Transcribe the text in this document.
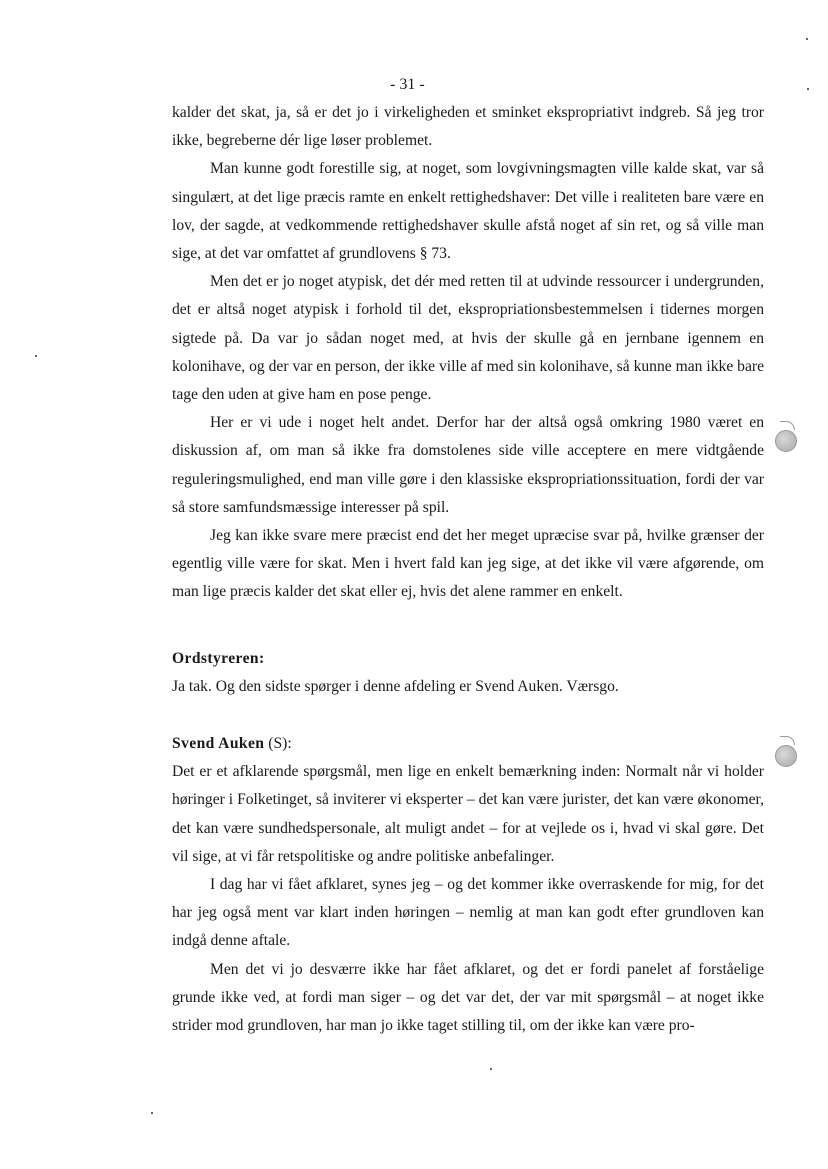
- 31 -

kalder det skat, ja, så er det jo i virkeligheden et sminket ekspropriativt indgreb. Så jeg tror ikke, begreberne dér lige løser problemet.

Man kunne godt forestille sig, at noget, som lovgivningsmagten ville kalde skat, var så singulært, at det lige præcis ramte en enkelt rettighedshaver: Det ville i realiteten bare være en lov, der sagde, at vedkommende rettighedshaver skulle afstå noget af sin ret, og så ville man sige, at det var omfattet af grundlovens § 73.

Men det er jo noget atypisk, det dér med retten til at udvinde ressourcer i undergrunden, det er altså noget atypisk i forhold til det, ekspropriationsbestemmelsen i tidernes morgen sigtede på. Da var jo sådan noget med, at hvis der skulle gå en jernbane igennem en kolonihave, og der var en person, der ikke ville af med sin kolonihave, så kunne man ikke bare tage den uden at give ham en pose penge.

Her er vi ude i noget helt andet. Derfor har der altså også omkring 1980 været en diskussion af, om man så ikke fra domstolenes side ville acceptere en mere vidtgående reguleringsmulighed, end man ville gøre i den klassiske ekspropriationssituation, fordi der var så store samfundsmæssige interesser på spil.

Jeg kan ikke svare mere præcist end det her meget upræcise svar på, hvilke grænser der egentlig ville være for skat. Men i hvert fald kan jeg sige, at det ikke vil være afgørende, om man lige præcis kalder det skat eller ej, hvis det alene rammer en enkelt.

Ordstyreren:

Ja tak. Og den sidste spørger i denne afdeling er Svend Auken. Værsgo.

Svend Auken (S):

Det er et afklarende spørgsmål, men lige en enkelt bemærkning inden: Normalt når vi holder høringer i Folketinget, så inviterer vi eksperter – det kan være jurister, det kan være økonomer, det kan være sundhedspersonale, alt muligt andet – for at vejlede os i, hvad vi skal gøre. Det vil sige, at vi får retspolitiske og andre politiske anbefalinger.

I dag har vi fået afklaret, synes jeg – og det kommer ikke overraskende for mig, for det har jeg også ment var klart inden høringen – nemlig at man kan godt efter grundloven kan indgå denne aftale.

Men det vi jo desværre ikke har fået afklaret, og det er fordi panelet af forståelige grunde ikke ved, at fordi man siger – og det var det, der var mit spørgsmål – at noget ikke strider mod grundloven, har man jo ikke taget stilling til, om der ikke kan være pro-
